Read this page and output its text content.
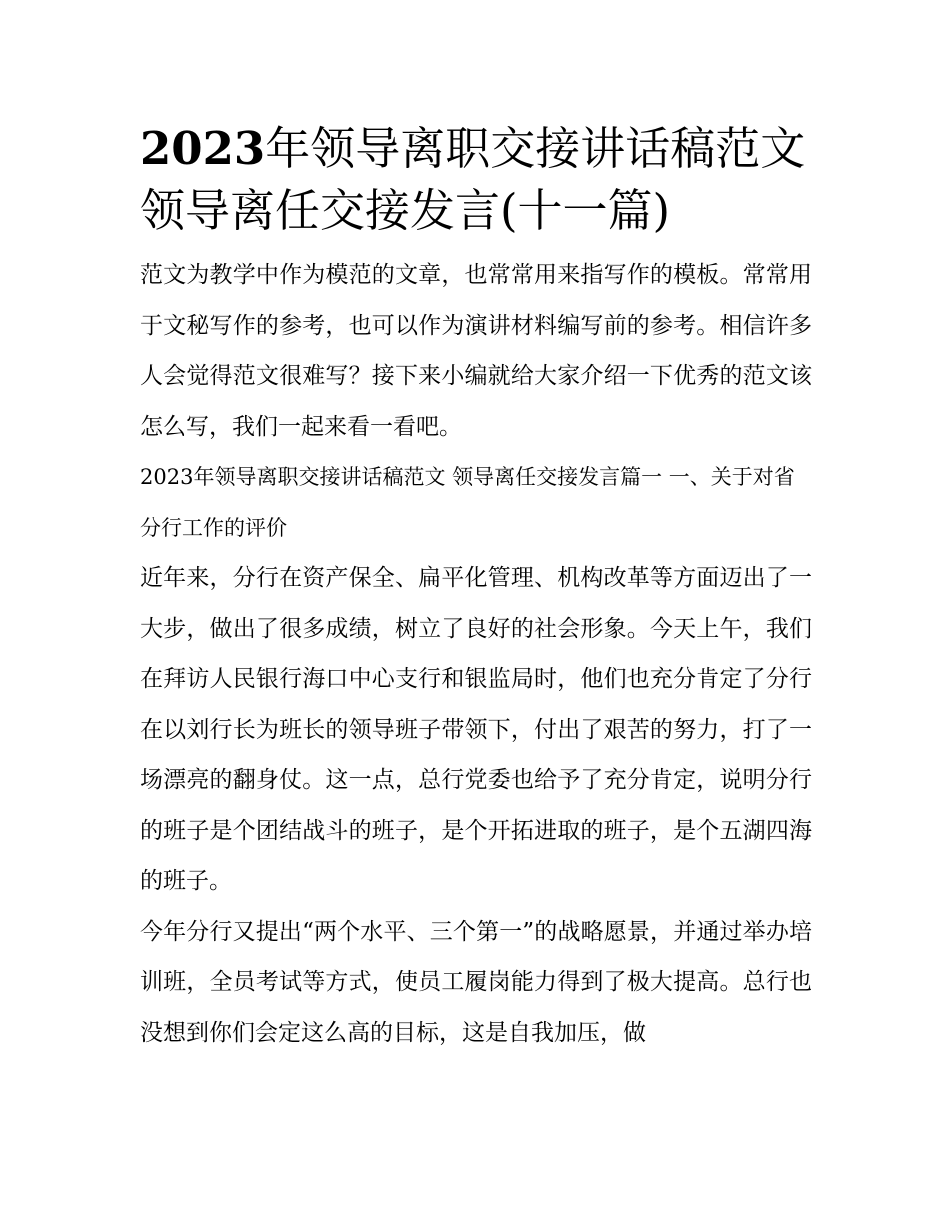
2023年领导离职交接讲话稿范文 领导离任交接发言(十一篇)

范文为教学中作为模范的文章，也常常用来指写作的模板。常常用于文秘写作的参考，也可以作为演讲材料编写前的参考。相信许多人会觉得范文很难写？接下来小编就给大家介绍一下优秀的范文该怎么写，我们一起来看一看吧。

2023年领导离职交接讲话稿范文 领导离任交接发言篇一 一、关于对省分行工作的评价

近年来，分行在资产保全、扁平化管理、机构改革等方面迈出了一大步，做出了很多成绩，树立了良好的社会形象。今天上午，我们在拜访人民银行海口中心支行和银监局时，他们也充分肯定了分行在以刘行长为班长的领导班子带领下，付出了艰苦的努力，打了一场漂亮的翻身仗。这一点，总行党委也给予了充分肯定，说明分行的班子是个团结战斗的班子，是个开拓进取的班子，是个五湖四海的班子。

今年分行又提出“两个水平、三个第一”的战略愿景，并通过举办培训班，全员考试等方式，使员工履岗能力得到了极大提高。总行也没想到你们会定这么高的目标，这是自我加压，做
